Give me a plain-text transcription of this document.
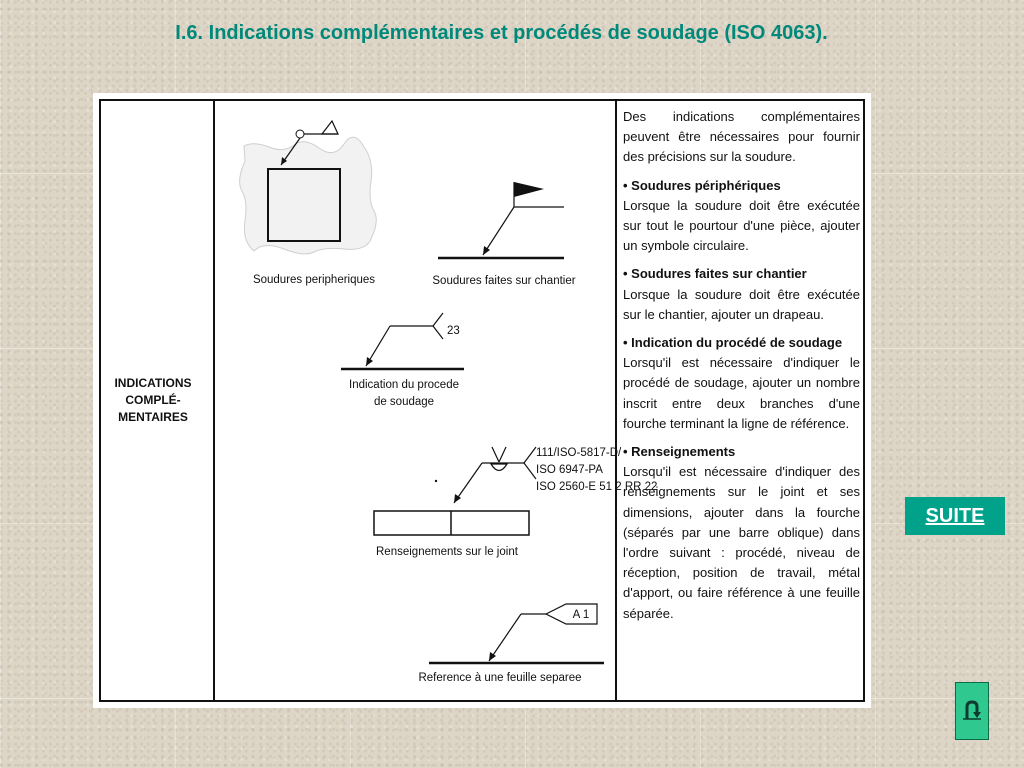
I.6. Indications complémentaires et procédés de soudage (ISO 4063).
INDICATIONS
COMPLÉ-
MENTAIRES
Soudures peripheriques	Soudures faites sur chantier
23
Indication du procede
de soudage
111/ISO-5817-D/
ISO 6947-PA
ISO 2560-E 51 2 RR 22
Renseignements sur le joint
A 1
Reference à une feuille separee

Des indications complémentaires peuvent être nécessaires pour fournir des précisions sur la soudure.

• Soudures périphériques
Lorsque la soudure doit être exécutée sur tout le pourtour d'une pièce, ajouter un symbole circulaire.

• Soudures faites sur chantier
Lorsque la soudure doit être exécutée sur le chantier, ajouter un drapeau.

• Indication du procédé de soudage
Lorsqu'il est nécessaire d'indiquer le procédé de soudage, ajouter un nombre inscrit entre deux branches d'une fourche terminant la ligne de référence.

• Renseignements
Lorsqu'il est nécessaire d'indiquer des renseignements sur le joint et ses dimensions, ajouter dans la fourche (séparés par une barre oblique) dans l'ordre suivant : procédé, niveau de réception, position de travail, métal d'apport, ou faire référence à une feuille séparée.

SUITE
